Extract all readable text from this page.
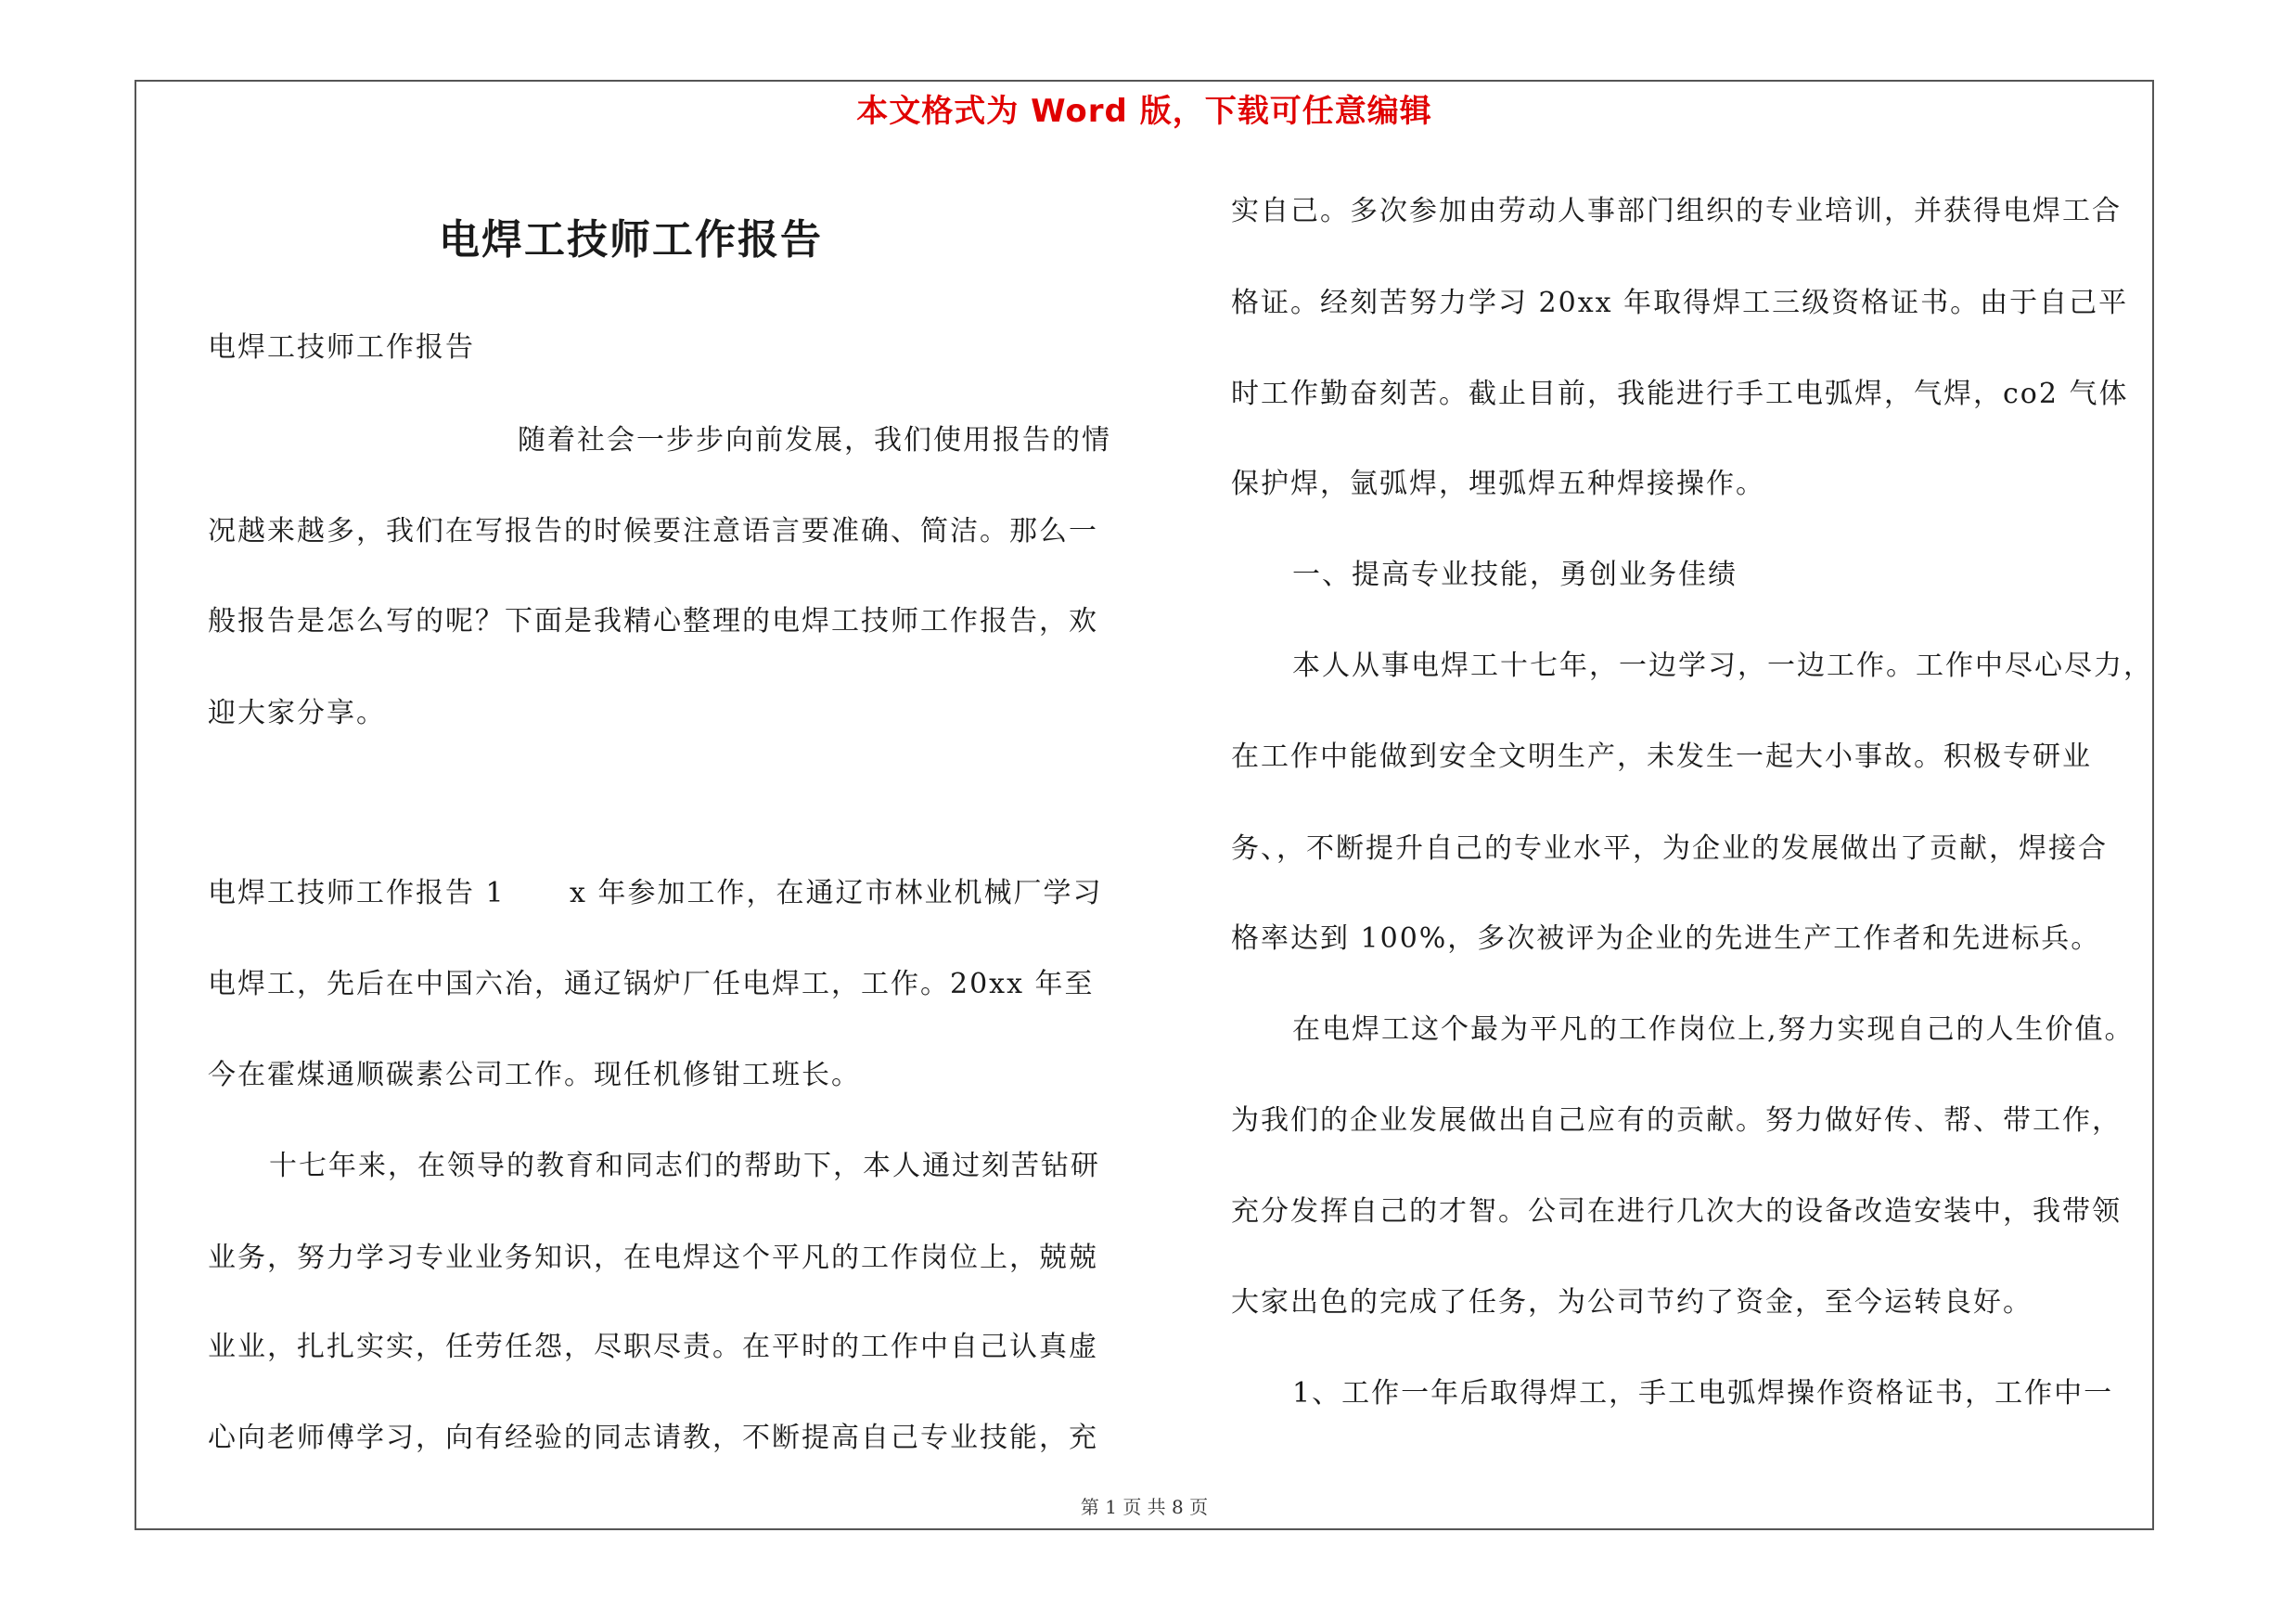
本文格式为 Word 版，下载可任意编辑
电焊工技师工作报告
电焊工技师工作报告
随着社会一步步向前发展，我们使用报告的情
况越来越多，我们在写报告的时候要注意语言要准确、简洁。那么一
般报告是怎么写的呢？下面是我精心整理的电焊工技师工作报告，欢
迎大家分享。
电焊工技师工作报告 1 x 年参加工作，在通辽市林业机械厂学习
电焊工，先后在中国六冶，通辽锅炉厂任电焊工，工作。20xx 年至
今在霍煤通顺碳素公司工作。现任机修钳工班长。
十七年来，在领导的教育和同志们的帮助下，本人通过刻苦钻研
业务，努力学习专业业务知识，在电焊这个平凡的工作岗位上，兢兢
业业，扎扎实实，任劳任怨，尽职尽责。在平时的工作中自己认真虚
心向老师傅学习，向有经验的同志请教，不断提高自己专业技能，充
实自己。多次参加由劳动人事部门组织的专业培训，并获得电焊工合
格证。经刻苦努力学习 20xx 年取得焊工三级资格证书。由于自己平
时工作勤奋刻苦。截止目前，我能进行手工电弧焊，气焊，co2 气体
保护焊，氩弧焊，埋弧焊五种焊接操作。
一、提高专业技能，勇创业务佳绩
本人从事电焊工十七年，一边学习，一边工作。工作中尽心尽力，
在工作中能做到安全文明生产，未发生一起大小事故。积极专研业
务、，不断提升自己的专业水平，为企业的发展做出了贡献，焊接合
格率达到 100%，多次被评为企业的先进生产工作者和先进标兵。
在电焊工这个最为平凡的工作岗位上,努力实现自己的人生价值。
为我们的企业发展做出自己应有的贡献。努力做好传、帮、带工作，
充分发挥自己的才智。公司在进行几次大的设备改造安装中，我带领
大家出色的完成了任务，为公司节约了资金，至今运转良好。
1、工作一年后取得焊工，手工电弧焊操作资格证书，工作中一
第 1 页 共 8 页
